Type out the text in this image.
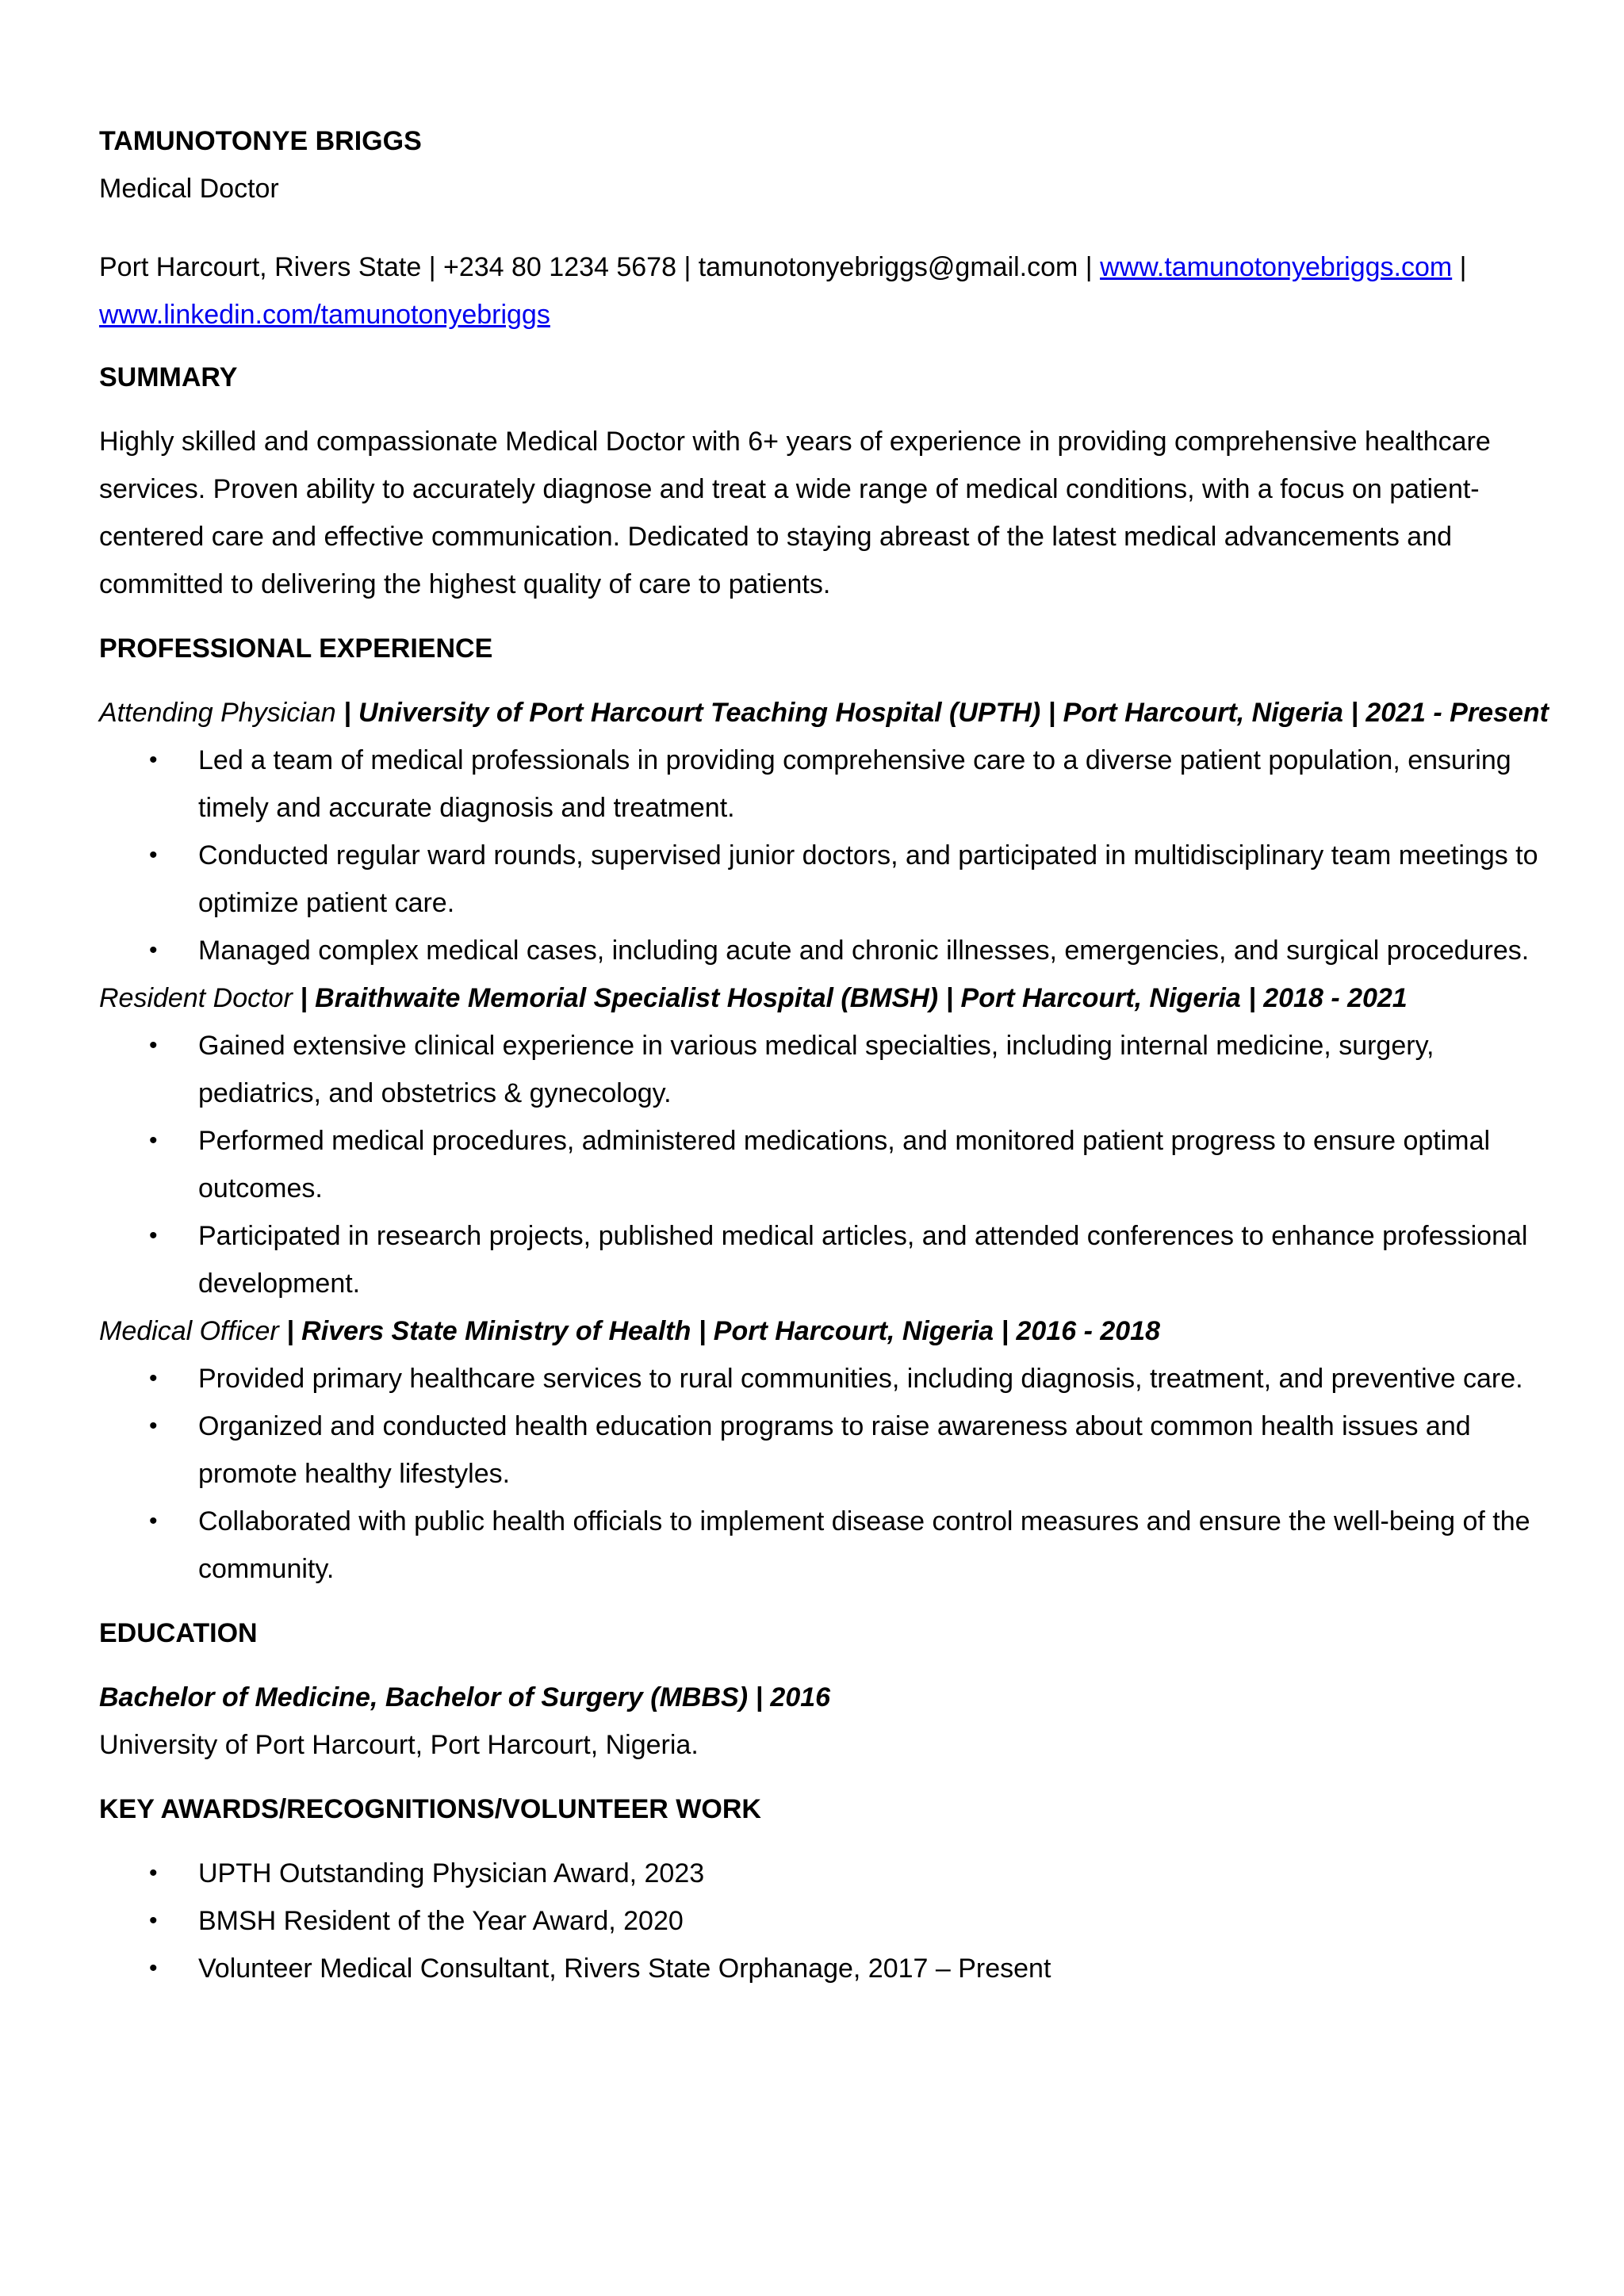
TAMUNOTONYE BRIGGS
Medical Doctor
Port Harcourt, Rivers State | +234 80 1234 5678 | tamunotonyebriggs@gmail.com | www.tamunotonyebriggs.com |
www.linkedin.com/tamunotonyebriggs
SUMMARY
Highly skilled and compassionate Medical Doctor with 6+ years of experience in providing comprehensive healthcare services. Proven ability to accurately diagnose and treat a wide range of medical conditions, with a focus on patient-centered care and effective communication. Dedicated to staying abreast of the latest medical advancements and committed to delivering the highest quality of care to patients.
PROFESSIONAL EXPERIENCE
Attending Physician | University of Port Harcourt Teaching Hospital (UPTH) | Port Harcourt, Nigeria | 2021 - Present
• Led a team of medical professionals in providing comprehensive care to a diverse patient population, ensuring timely and accurate diagnosis and treatment.
• Conducted regular ward rounds, supervised junior doctors, and participated in multidisciplinary team meetings to optimize patient care.
• Managed complex medical cases, including acute and chronic illnesses, emergencies, and surgical procedures.
Resident Doctor | Braithwaite Memorial Specialist Hospital (BMSH) | Port Harcourt, Nigeria | 2018 - 2021
• Gained extensive clinical experience in various medical specialties, including internal medicine, surgery, pediatrics, and obstetrics & gynecology.
• Performed medical procedures, administered medications, and monitored patient progress to ensure optimal outcomes.
• Participated in research projects, published medical articles, and attended conferences to enhance professional development.
Medical Officer | Rivers State Ministry of Health | Port Harcourt, Nigeria | 2016 - 2018
• Provided primary healthcare services to rural communities, including diagnosis, treatment, and preventive care.
• Organized and conducted health education programs to raise awareness about common health issues and promote healthy lifestyles.
• Collaborated with public health officials to implement disease control measures and ensure the well-being of the community.
EDUCATION
Bachelor of Medicine, Bachelor of Surgery (MBBS) | 2016
University of Port Harcourt, Port Harcourt, Nigeria.
KEY AWARDS/RECOGNITIONS/VOLUNTEER WORK
• UPTH Outstanding Physician Award, 2023
• BMSH Resident of the Year Award, 2020
• Volunteer Medical Consultant, Rivers State Orphanage, 2017 – Present
